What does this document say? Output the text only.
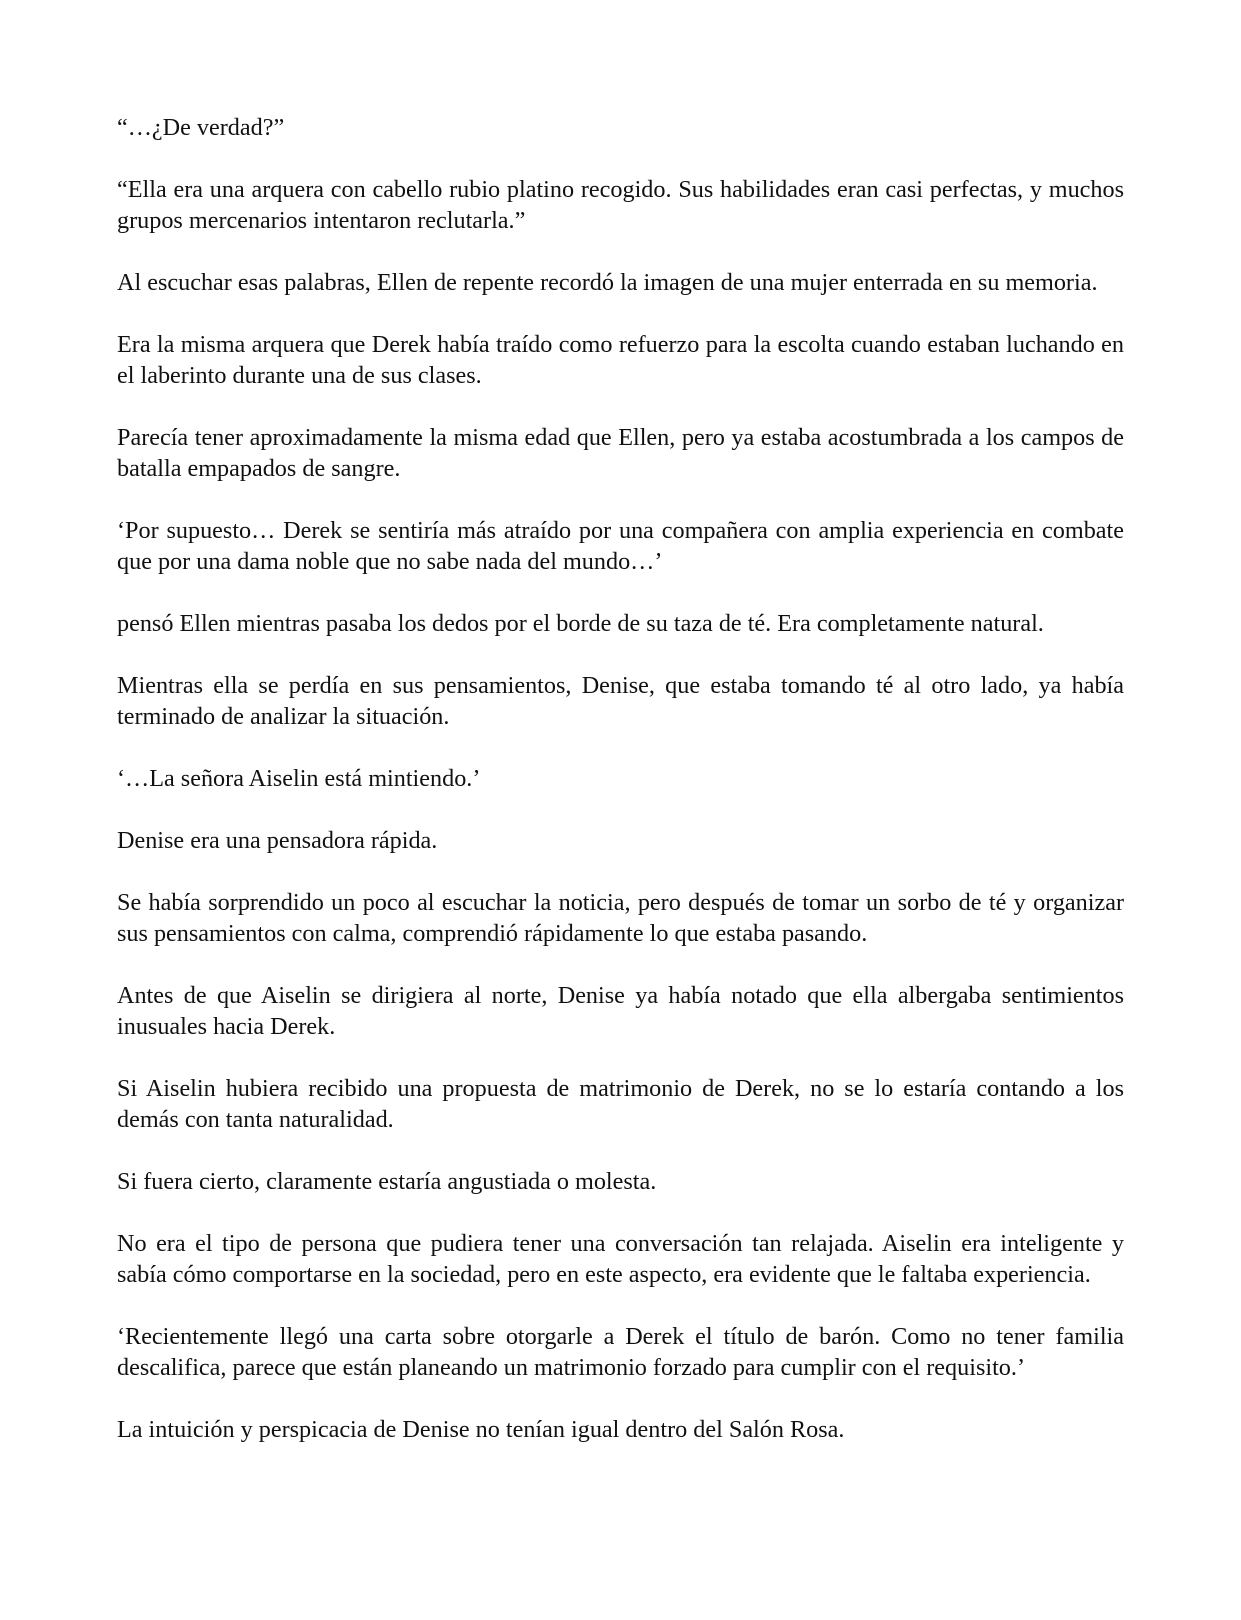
“…¿De verdad?”

“Ella era una arquera con cabello rubio platino recogido. Sus habilidades eran casi perfectas, y muchos grupos mercenarios intentaron reclutarla.”

Al escuchar esas palabras, Ellen de repente recordó la imagen de una mujer enterrada en su memoria.

Era la misma arquera que Derek había traído como refuerzo para la escolta cuando estaban luchando en el laberinto durante una de sus clases.

Parecía tener aproximadamente la misma edad que Ellen, pero ya estaba acostumbrada a los campos de batalla empapados de sangre.

‘Por supuesto… Derek se sentiría más atraído por una compañera con amplia experiencia en combate que por una dama noble que no sabe nada del mundo…’

pensó Ellen mientras pasaba los dedos por el borde de su taza de té. Era completamente natural.

Mientras ella se perdía en sus pensamientos, Denise, que estaba tomando té al otro lado, ya había terminado de analizar la situación.

‘…La señora Aiselin está mintiendo.’

Denise era una pensadora rápida.

Se había sorprendido un poco al escuchar la noticia, pero después de tomar un sorbo de té y organizar sus pensamientos con calma, comprendió rápidamente lo que estaba pasando.

Antes de que Aiselin se dirigiera al norte, Denise ya había notado que ella albergaba sentimientos inusuales hacia Derek.

Si Aiselin hubiera recibido una propuesta de matrimonio de Derek, no se lo estaría contando a los demás con tanta naturalidad.

Si fuera cierto, claramente estaría angustiada o molesta.

No era el tipo de persona que pudiera tener una conversación tan relajada. Aiselin era inteligente y sabía cómo comportarse en la sociedad, pero en este aspecto, era evidente que le faltaba experiencia.

‘Recientemente llegó una carta sobre otorgarle a Derek el título de barón. Como no tener familia descalifica, parece que están planeando un matrimonio forzado para cumplir con el requisito.’

La intuición y perspicacia de Denise no tenían igual dentro del Salón Rosa.
